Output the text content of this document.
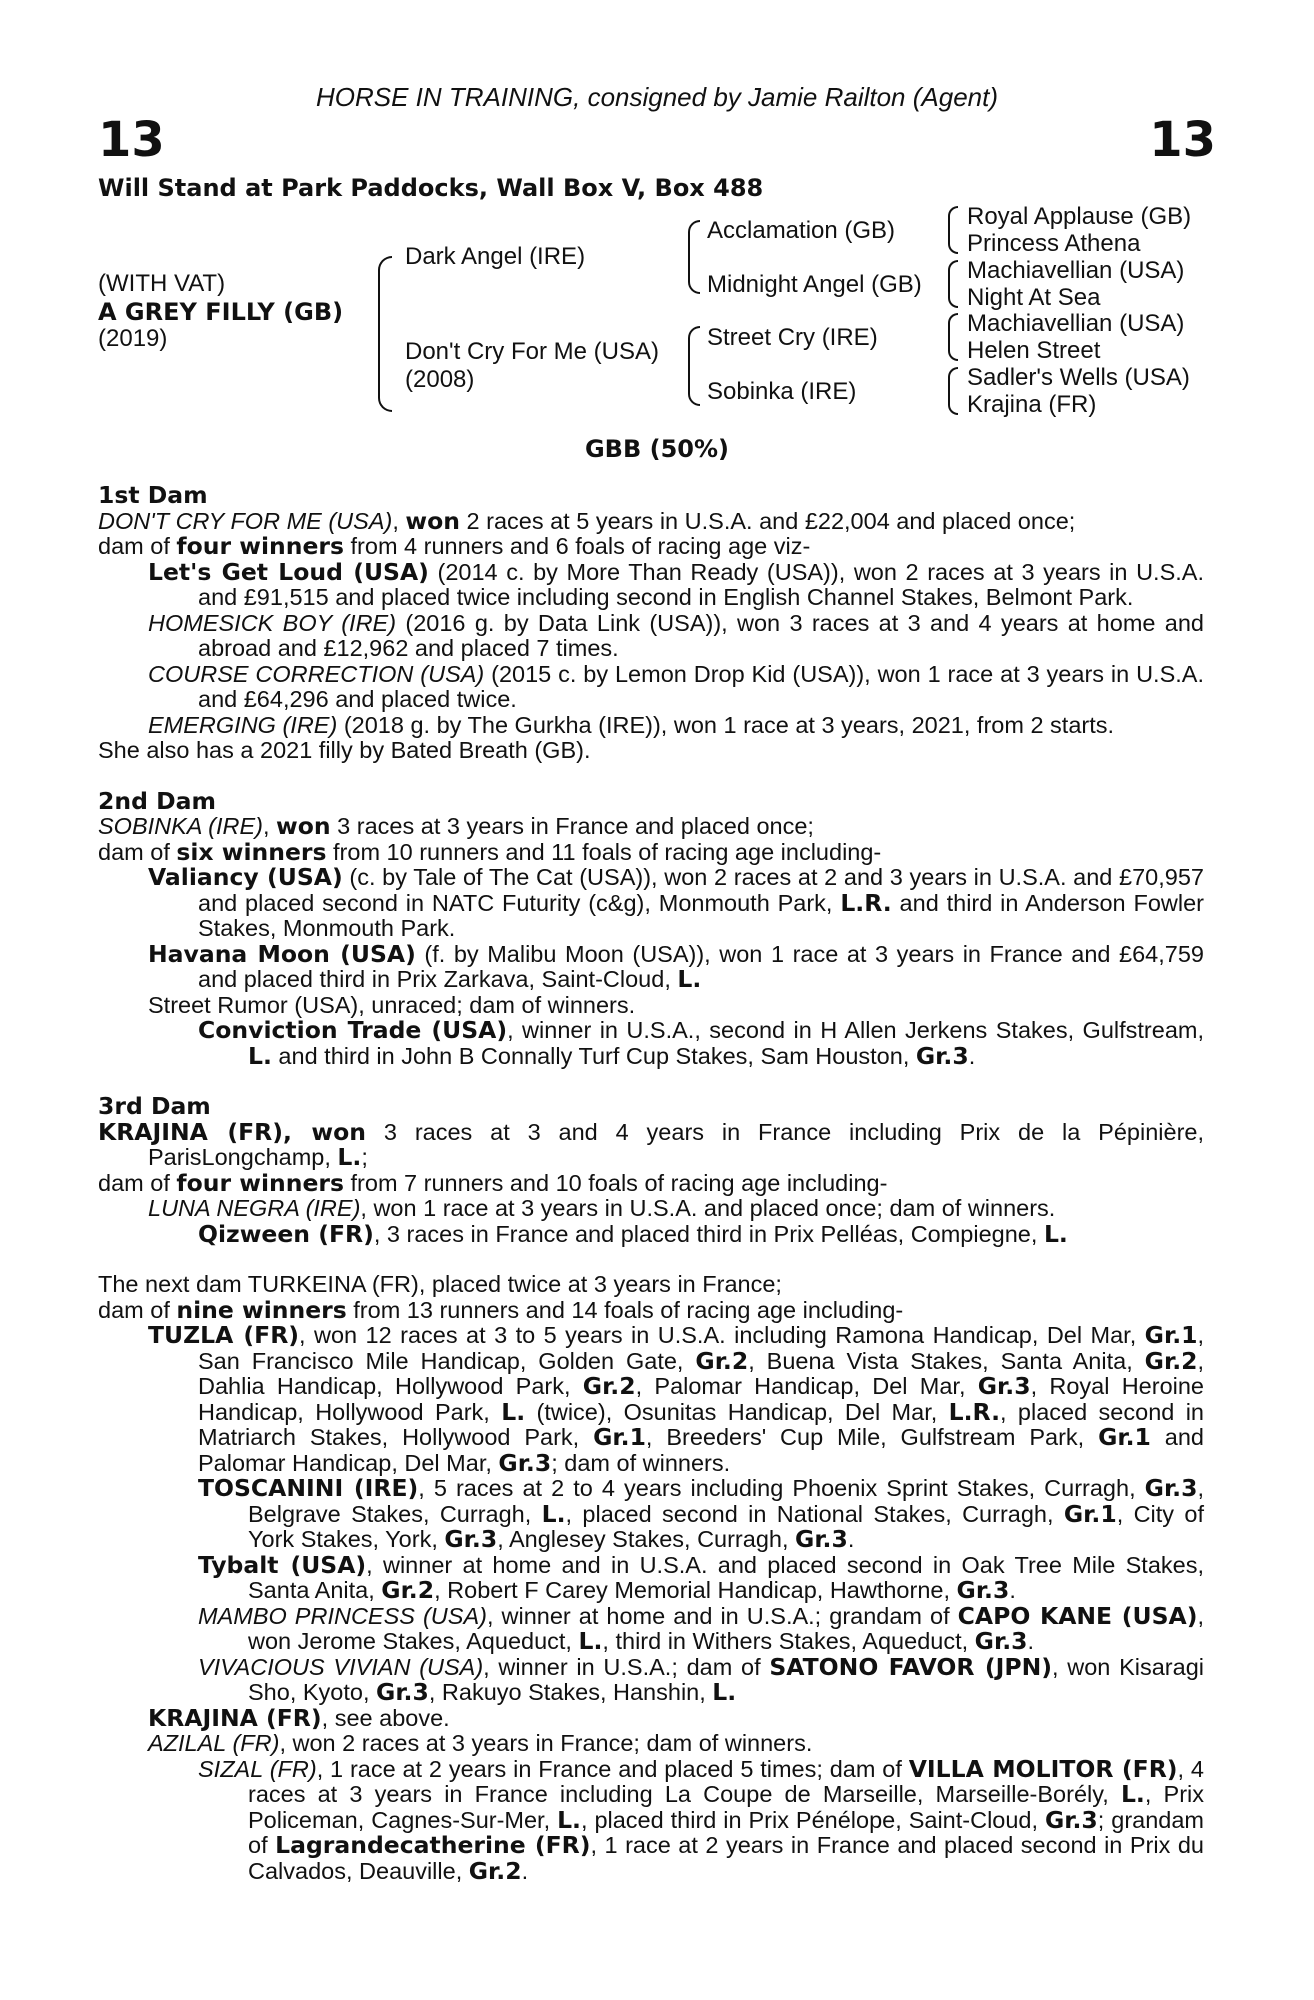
HORSE IN TRAINING, consigned by Jamie Railton (Agent)
13	13
Will Stand at Park Paddocks, Wall Box V, Box 488
(WITH VAT)
A GREY FILLY (GB)
(2019)
Dark Angel (IRE)
Don't Cry For Me (USA)
(2008)
Acclamation (GB)
Midnight Angel (GB)
Street Cry (IRE)
Sobinka (IRE)
Royal Applause (GB)
Princess Athena
Machiavellian (USA)
Night At Sea
Machiavellian (USA)
Helen Street
Sadler's Wells (USA)
Krajina (FR)
GBB (50%)

1st Dam

DON'T CRY FOR ME (USA), won 2 races at 5 years in U.S.A. and £22,004 and placed once;

dam of four winners from 4 runners and 6 foals of racing age viz-

Let's Get Loud (USA) (2014 c. by More Than Ready (USA)), won 2 races at 3 years in U.S.A. and £91,515 and placed twice including second in English Channel Stakes, Belmont Park.

HOMESICK BOY (IRE) (2016 g. by Data Link (USA)), won 3 races at 3 and 4 years at home and abroad and £12,962 and placed 7 times.

COURSE CORRECTION (USA) (2015 c. by Lemon Drop Kid (USA)), won 1 race at 3 years in U.S.A. and £64,296 and placed twice.

EMERGING (IRE) (2018 g. by The Gurkha (IRE)), won 1 race at 3 years, 2021, from 2 starts.

She also has a 2021 filly by Bated Breath (GB).

2nd Dam

SOBINKA (IRE), won 3 races at 3 years in France and placed once;

dam of six winners from 10 runners and 11 foals of racing age including-

Valiancy (USA) (c. by Tale of The Cat (USA)), won 2 races at 2 and 3 years in U.S.A. and £70,957 and placed second in NATC Futurity (c&g), Monmouth Park, L.R. and third in Anderson Fowler Stakes, Monmouth Park.

Havana Moon (USA) (f. by Malibu Moon (USA)), won 1 race at 3 years in France and £64,759 and placed third in Prix Zarkava, Saint-Cloud, L.

Street Rumor (USA), unraced; dam of winners.

Conviction Trade (USA), winner in U.S.A., second in H Allen Jerkens Stakes, Gulfstream, L. and third in John B Connally Turf Cup Stakes, Sam Houston, Gr.3.

3rd Dam

KRAJINA (FR), won 3 races at 3 and 4 years in France including Prix de la Pépinière, ParisLongchamp, L.;

dam of four winners from 7 runners and 10 foals of racing age including-

LUNA NEGRA (IRE), won 1 race at 3 years in U.S.A. and placed once; dam of winners.

Qizween (FR), 3 races in France and placed third in Prix Pelléas, Compiegne, L.

The next dam TURKEINA (FR), placed twice at 3 years in France;

dam of nine winners from 13 runners and 14 foals of racing age including-

TUZLA (FR), won 12 races at 3 to 5 years in U.S.A. including Ramona Handicap, Del Mar, Gr.1, San Francisco Mile Handicap, Golden Gate, Gr.2, Buena Vista Stakes, Santa Anita, Gr.2, Dahlia Handicap, Hollywood Park, Gr.2, Palomar Handicap, Del Mar, Gr.3, Royal Heroine Handicap, Hollywood Park, L. (twice), Osunitas Handicap, Del Mar, L.R., placed second in Matriarch Stakes, Hollywood Park, Gr.1, Breeders' Cup Mile, Gulfstream Park, Gr.1 and Palomar Handicap, Del Mar, Gr.3; dam of winners.

TOSCANINI (IRE), 5 races at 2 to 4 years including Phoenix Sprint Stakes, Curragh, Gr.3, Belgrave Stakes, Curragh, L., placed second in National Stakes, Curragh, Gr.1, City of York Stakes, York, Gr.3, Anglesey Stakes, Curragh, Gr.3.

Tybalt (USA), winner at home and in U.S.A. and placed second in Oak Tree Mile Stakes, Santa Anita, Gr.2, Robert F Carey Memorial Handicap, Hawthorne, Gr.3.

MAMBO PRINCESS (USA), winner at home and in U.S.A.; grandam of CAPO KANE (USA), won Jerome Stakes, Aqueduct, L., third in Withers Stakes, Aqueduct, Gr.3.

VIVACIOUS VIVIAN (USA), winner in U.S.A.; dam of SATONO FAVOR (JPN), won Kisaragi Sho, Kyoto, Gr.3, Rakuyo Stakes, Hanshin, L.

KRAJINA (FR), see above.

AZILAL (FR), won 2 races at 3 years in France; dam of winners.

SIZAL (FR), 1 race at 2 years in France and placed 5 times; dam of VILLA MOLITOR (FR), 4 races at 3 years in France including La Coupe de Marseille, Marseille-Borély, L., Prix Policeman, Cagnes-Sur-Mer, L., placed third in Prix Pénélope, Saint-Cloud, Gr.3; grandam of Lagrandecatherine (FR), 1 race at 2 years in France and placed second in Prix du Calvados, Deauville, Gr.2.
